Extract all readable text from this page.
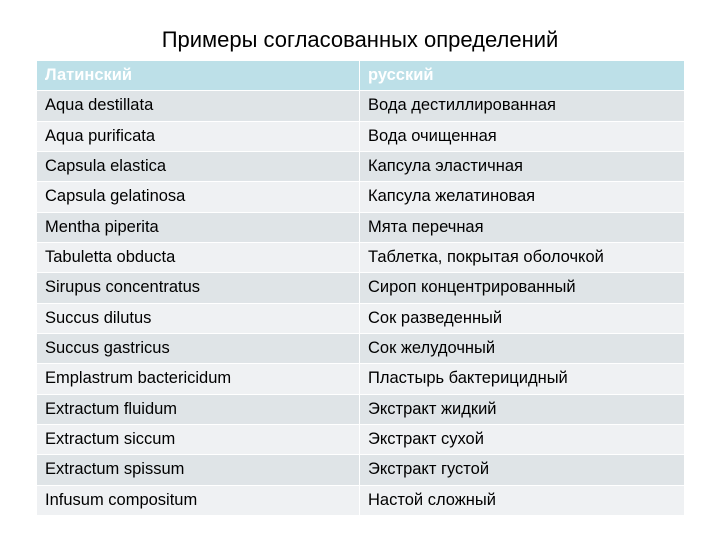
Примеры согласованных определений
Латинский	русский
Aqua destillata	Вода дестиллированная
Aqua purificata	Вода очищенная
Capsula elastica	Капсула эластичная
Capsula gelatinosa	Капсула желатиновая
Mentha piperita	Мята перечная
Tabuletta obducta	Таблетка, покрытая оболочкой
Sirupus concentratus	Сироп концентрированный
Succus dilutus	Сок разведенный
Succus gastricus	Сок желудочный
Emplastrum bactericidum	Пластырь бактерицидный
Extractum fluidum	Экстракт жидкий
Extractum siccum	Экстракт сухой
Extractum spissum	Экстракт густой
Infusum compositum	Настой сложный
